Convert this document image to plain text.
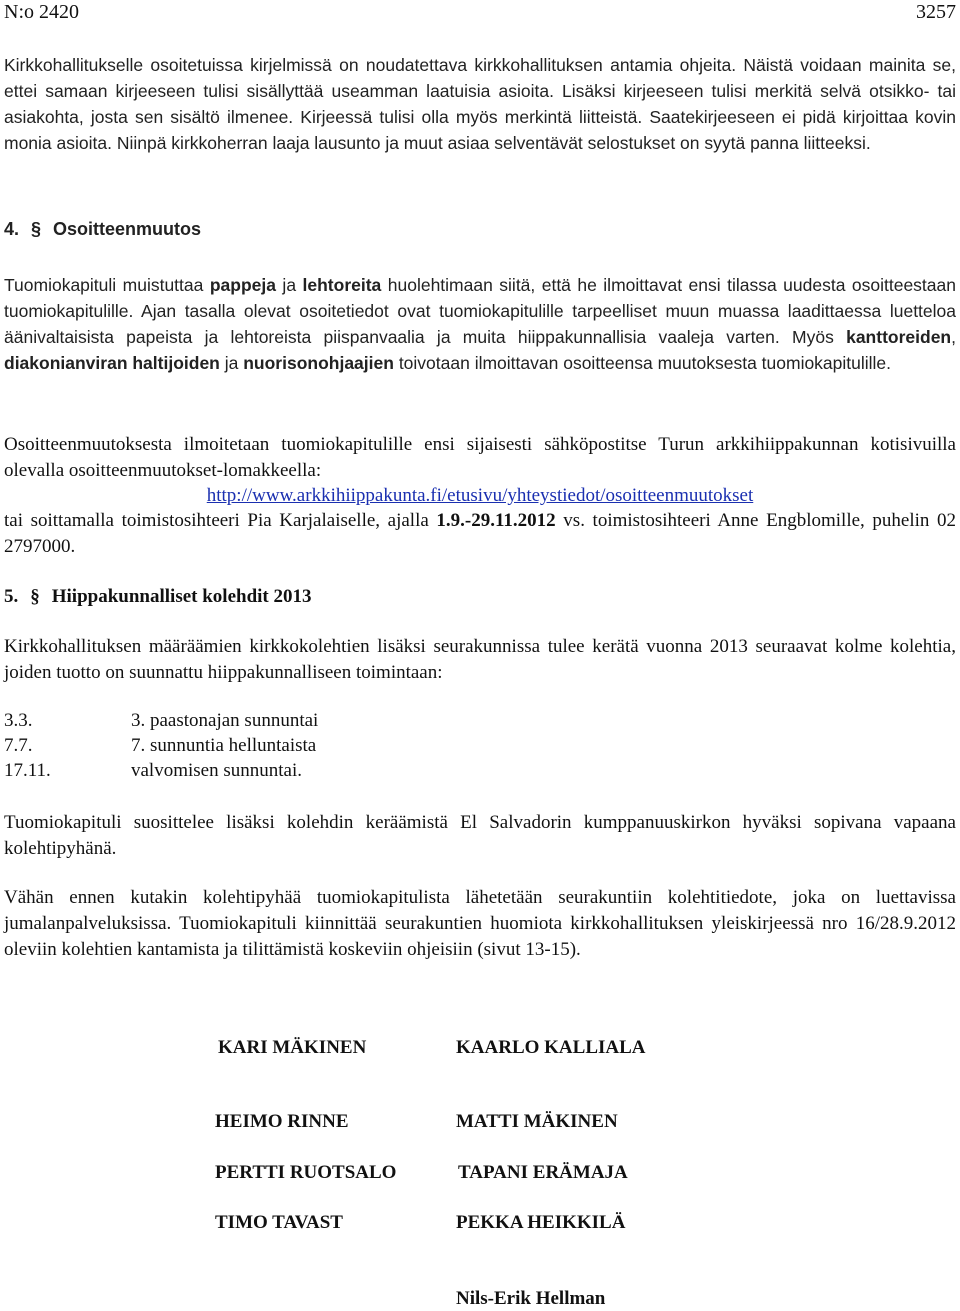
N:o 2420	3257
Kirkkohallitukselle osoitetuissa kirjelmissä on noudatettava kirkkohallituksen antamia ohjeita. Näistä voidaan mainita se, ettei samaan kirjeeseen tulisi sisällyttää useamman laatuisia asioita. Lisäksi kirjeeseen tulisi merkitä selvä otsikko- tai asiakohta, josta sen sisältö ilmenee. Kirjeessä tulisi olla myös merkintä liitteistä. Saatekirjeeseen ei pidä kirjoittaa kovin monia asioita. Niinpä kirkkoherran laaja lausunto ja muut asiaa selventävät selostukset on syytä panna liitteeksi.
4. § Osoitteenmuutos
Tuomiokapituli muistuttaa pappeja ja lehtoreita huolehtimaan siitä, että he ilmoittavat ensi tilassa uudesta osoitteestaan tuomiokapitulille. Ajan tasalla olevat osoitetiedot ovat tuomiokapitulille tarpeelliset muun muassa laadittaessa luetteloa äänivaltaisista papeista ja lehtoreista piispanvaalia ja muita hiippakunnallisia vaaleja varten. Myös kanttoreiden, diakonianviran haltijoiden ja nuorisonohjaajien toivotaan ilmoittavan osoitteensa muutoksesta tuomiokapitulille.
Osoitteenmuutoksesta ilmoitetaan tuomiokapitulille ensi sijaisesti sähköpostitse Turun arkkihiippakunnan kotisivuilla olevalla osoitteenmuutokset-lomakkeella:
http://www.arkkihiippakunta.fi/etusivu/yhteystiedot/osoitteenmuutokset
tai soittamalla toimistosihteeri Pia Karjalaiselle, ajalla 1.9.-29.11.2012 vs. toimistosihteeri Anne Engblomille, puhelin 02 2797000.
5. § Hiippakunnalliset kolehdit 2013
Kirkkohallituksen määräämien kirkkokolehtien lisäksi seurakunnissa tulee kerätä vuonna 2013 seuraavat kolme kolehtia, joiden tuotto on suunnattu hiippakunnalliseen toimintaan:
3.3.	3. paastonajan sunnuntai
7.7.	7. sunnuntia helluntaista
17.11.	valvomisen sunnuntai.
Tuomiokapituli suosittelee lisäksi kolehdin keräämistä El Salvadorin kumppanuuskirkon hyväksi sopivana vapaana kolehtipyhänä.
Vähän ennen kutakin kolehtipyhää tuomiokapitulista lähetetään seurakuntiin kolehtitiedote, joka on luettavissa jumalanpalveluksissa. Tuomiokapituli kiinnittää seurakuntien huomiota kirkkohallituksen yleiskirjeessä nro 16/28.9.2012 oleviin kolehtien kantamista ja tilittämistä koskeviin ohjeisiin (sivut 13-15).
KARI MÄKINEN	KAARLO KALLIALA
HEIMO RINNE	MATTI MÄKINEN
PERTTI RUOTSALO	TAPANI ERÄMAJA
TIMO TAVAST	PEKKA HEIKKILÄ
Nils-Erik Hellman
